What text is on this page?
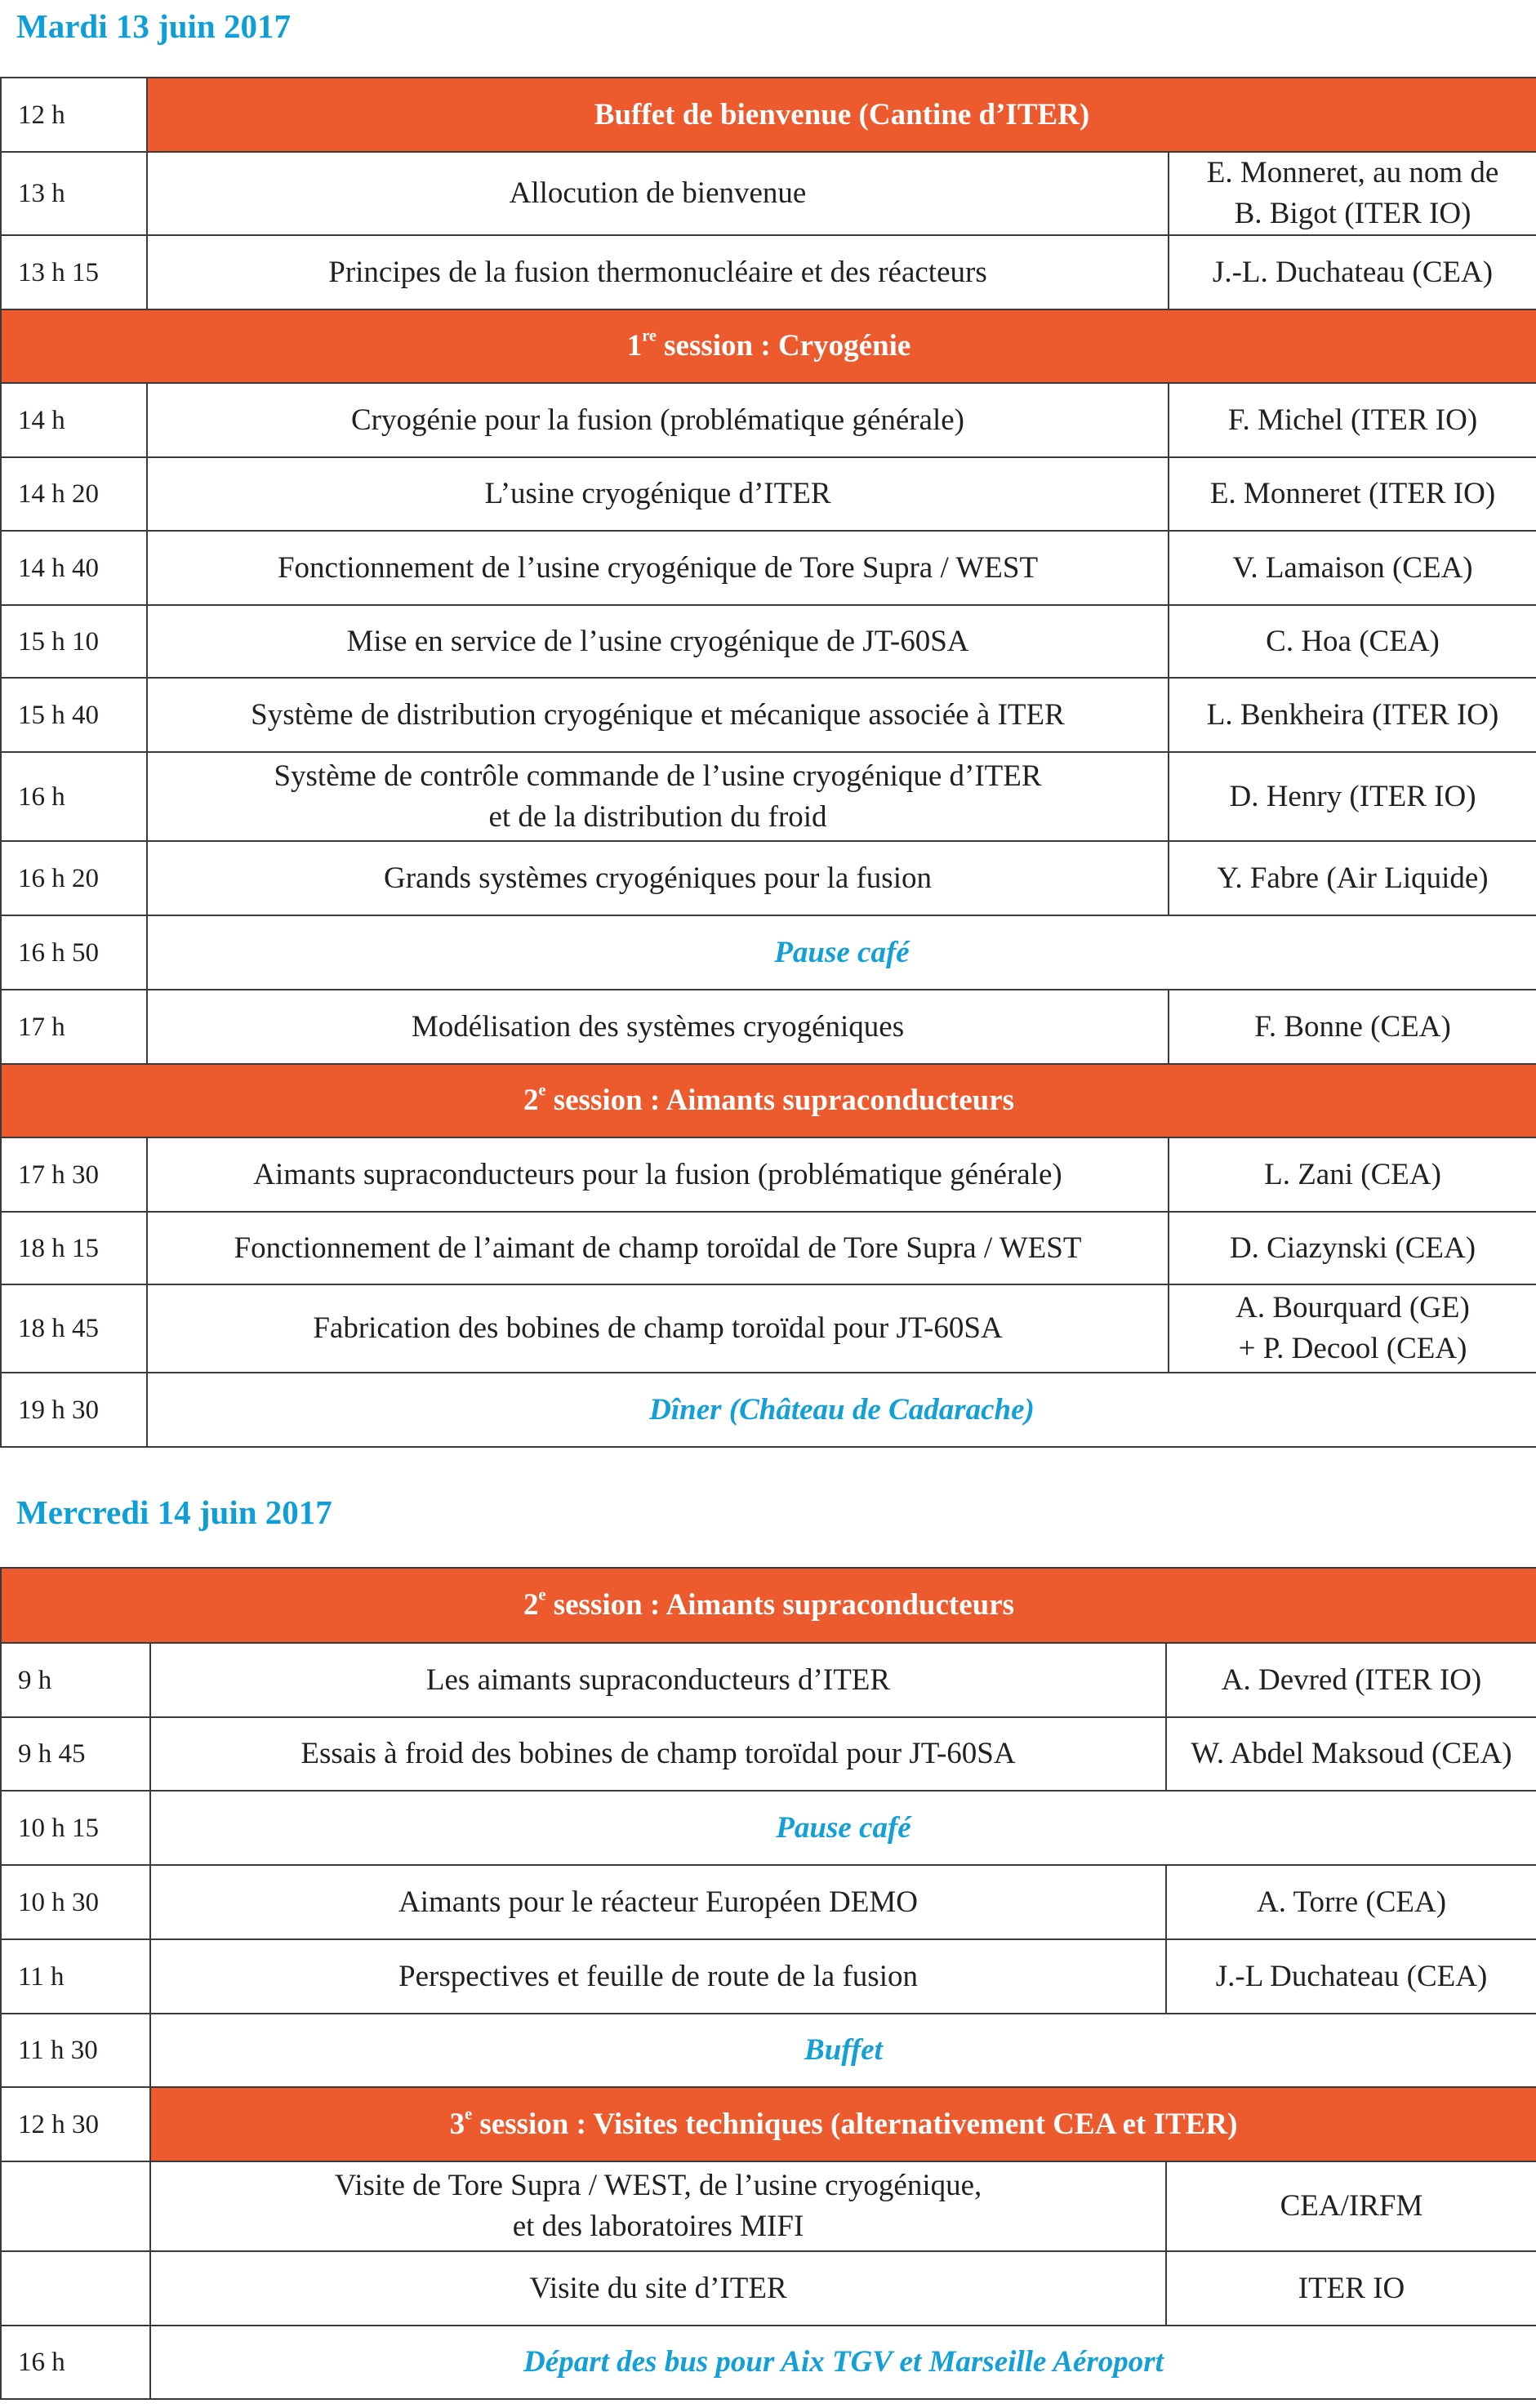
Mardi 13 juin 2017
12 h	Buffet de bienvenue (Cantine d’ITER)	
13 h	Allocution de bienvenue	E. Monneret, au nom de
B. Bigot (ITER IO)

13 h 15	Principes de la fusion thermonucléaire et des réacteurs	J.-L. Duchateau (CEA)
1re session : Cryogénie		
14 h	Cryogénie pour la fusion (problématique générale)	F. Michel (ITER IO)
14 h 20	L’usine cryogénique d’ITER	E. Monneret (ITER IO)
14 h 40	Fonctionnement de l’usine cryogénique de Tore Supra / WEST	V. Lamaison (CEA)
15 h 10	Mise en service de l’usine cryogénique de JT-60SA	C. Hoa (CEA)
15 h 40	Système de distribution cryogénique et mécanique associée à ITER	L. Benkheira (ITER IO)
16 h	Système de contrôle commande de l’usine cryogénique d’ITER
et de la distribution du froid	D. Henry (ITER IO)
16 h 20	Grands systèmes cryogéniques pour la fusion	Y. Fabre (Air Liquide)
16 h 50	Pause café	
17 h	Modélisation des systèmes cryogéniques	F. Bonne (CEA)
2e session : Aimants supraconducteurs		
17 h 30	Aimants supraconducteurs pour la fusion (problématique générale)	L. Zani (CEA)
18 h 15	Fonctionnement de l’aimant de champ toroïdal de Tore Supra / WEST	D. Ciazynski (CEA)
18 h 45	Fabrication des bobines de champ toroïdal pour JT-60SA	A. Bourquard (GE)
+ P. Decool (CEA)

19 h 30	Dîner (Château de Cadarache)	
Mercredi 14 juin 2017
2e session : Aimants supraconducteurs		
9 h	Les aimants supraconducteurs d’ITER	A. Devred (ITER IO)
9 h 45	Essais à froid des bobines de champ toroïdal pour JT-60SA	W. Abdel Maksoud (CEA)
10 h 15	Pause café	
10 h 30	Aimants pour le réacteur Européen DEMO	A. Torre (CEA)
11 h	Perspectives et feuille de route de la fusion	J.-L Duchateau (CEA)
11 h 30	Buffet	
12 h 30	3e session : Visites techniques (alternativement CEA et ITER)	

	Visite de Tore Supra / WEST, de l’usine cryogénique,
et des laboratoires MIFI	CEA/IRFM
	Visite du site d’ITER	ITER IO
16 h	Départ des bus pour Aix TGV et Marseille Aéroport	
